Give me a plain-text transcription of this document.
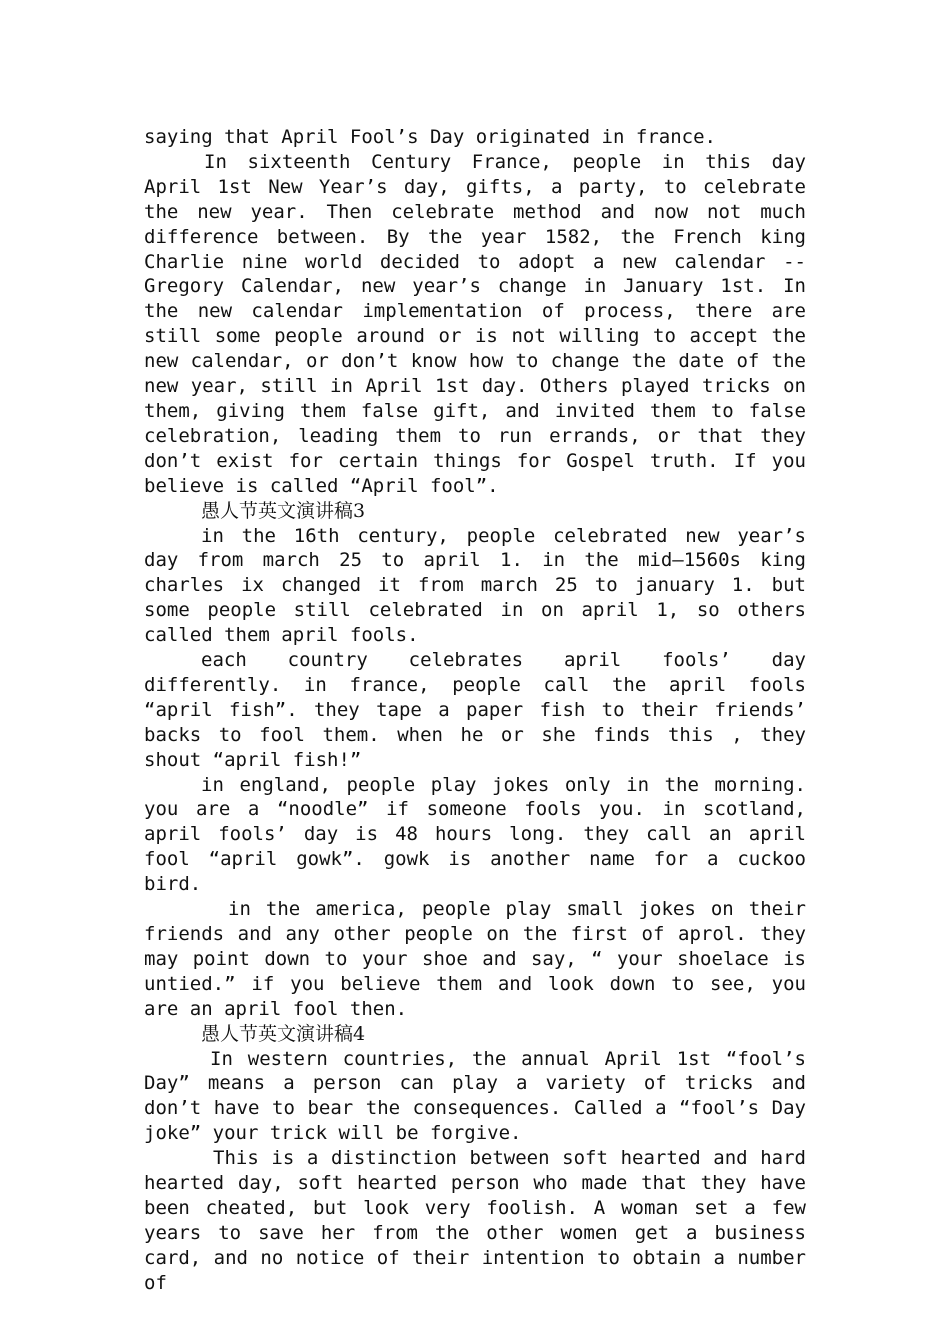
saying that April Fool’s Day originated in france.

In sixteenth Century France, people in this day April 1st New Year’s day, gifts, a party, to celebrate the new year. Then celebrate method and now not much difference between. By the year 1582, the French king Charlie nine world decided to adopt a new calendar -- Gregory Calendar, new year’s change in January 1st. In the new calendar implementation of process, there are still some people around or is not willing to accept the new calendar, or don’t know how to change the date of the new year, still in April 1st day. Others played tricks on them, giving them false gift, and invited them to false celebration, leading them to run errands, or that they don’t exist for certain things for Gospel truth. If you believe is called “April fool”.

愚人节英文演讲稿3

in the 16th century, people celebrated new year’s day from march 25 to april 1. in the mid—1560s king charles ix changed it from march 25 to january 1. but some people still celebrated in on april 1, so others called them april fools.

each country celebrates april fools’ day differently. in france, people call the april fools “april fish”. they tape a paper fish to their friends’ backs to fool them. when he or she finds this , they shout “april fish!”

in england, people play jokes only in the morning. you are a “noodle” if someone fools you. in scotland, april fools’ day is 48 hours long. they call an april fool “april gowk”. gowk is another name for a cuckoo bird.

in the america, people play small jokes on their friends and any other people on the first of aprol. they may point down to your shoe and say, “ your shoelace is untied.” if you believe them and look down to see, you are an april fool then.

愚人节英文演讲稿4

In western countries, the annual April 1st “fool’s Day” means a person can play a variety of tricks and don’t have to bear the consequences. Called a “fool’s Day joke” your trick will be forgive.

This is a distinction between soft hearted and hard hearted day, soft hearted person who made that they have been cheated, but look very foolish. A woman set a few years to save her from the other women get a business card, and no notice of their intention to obtain a number of
